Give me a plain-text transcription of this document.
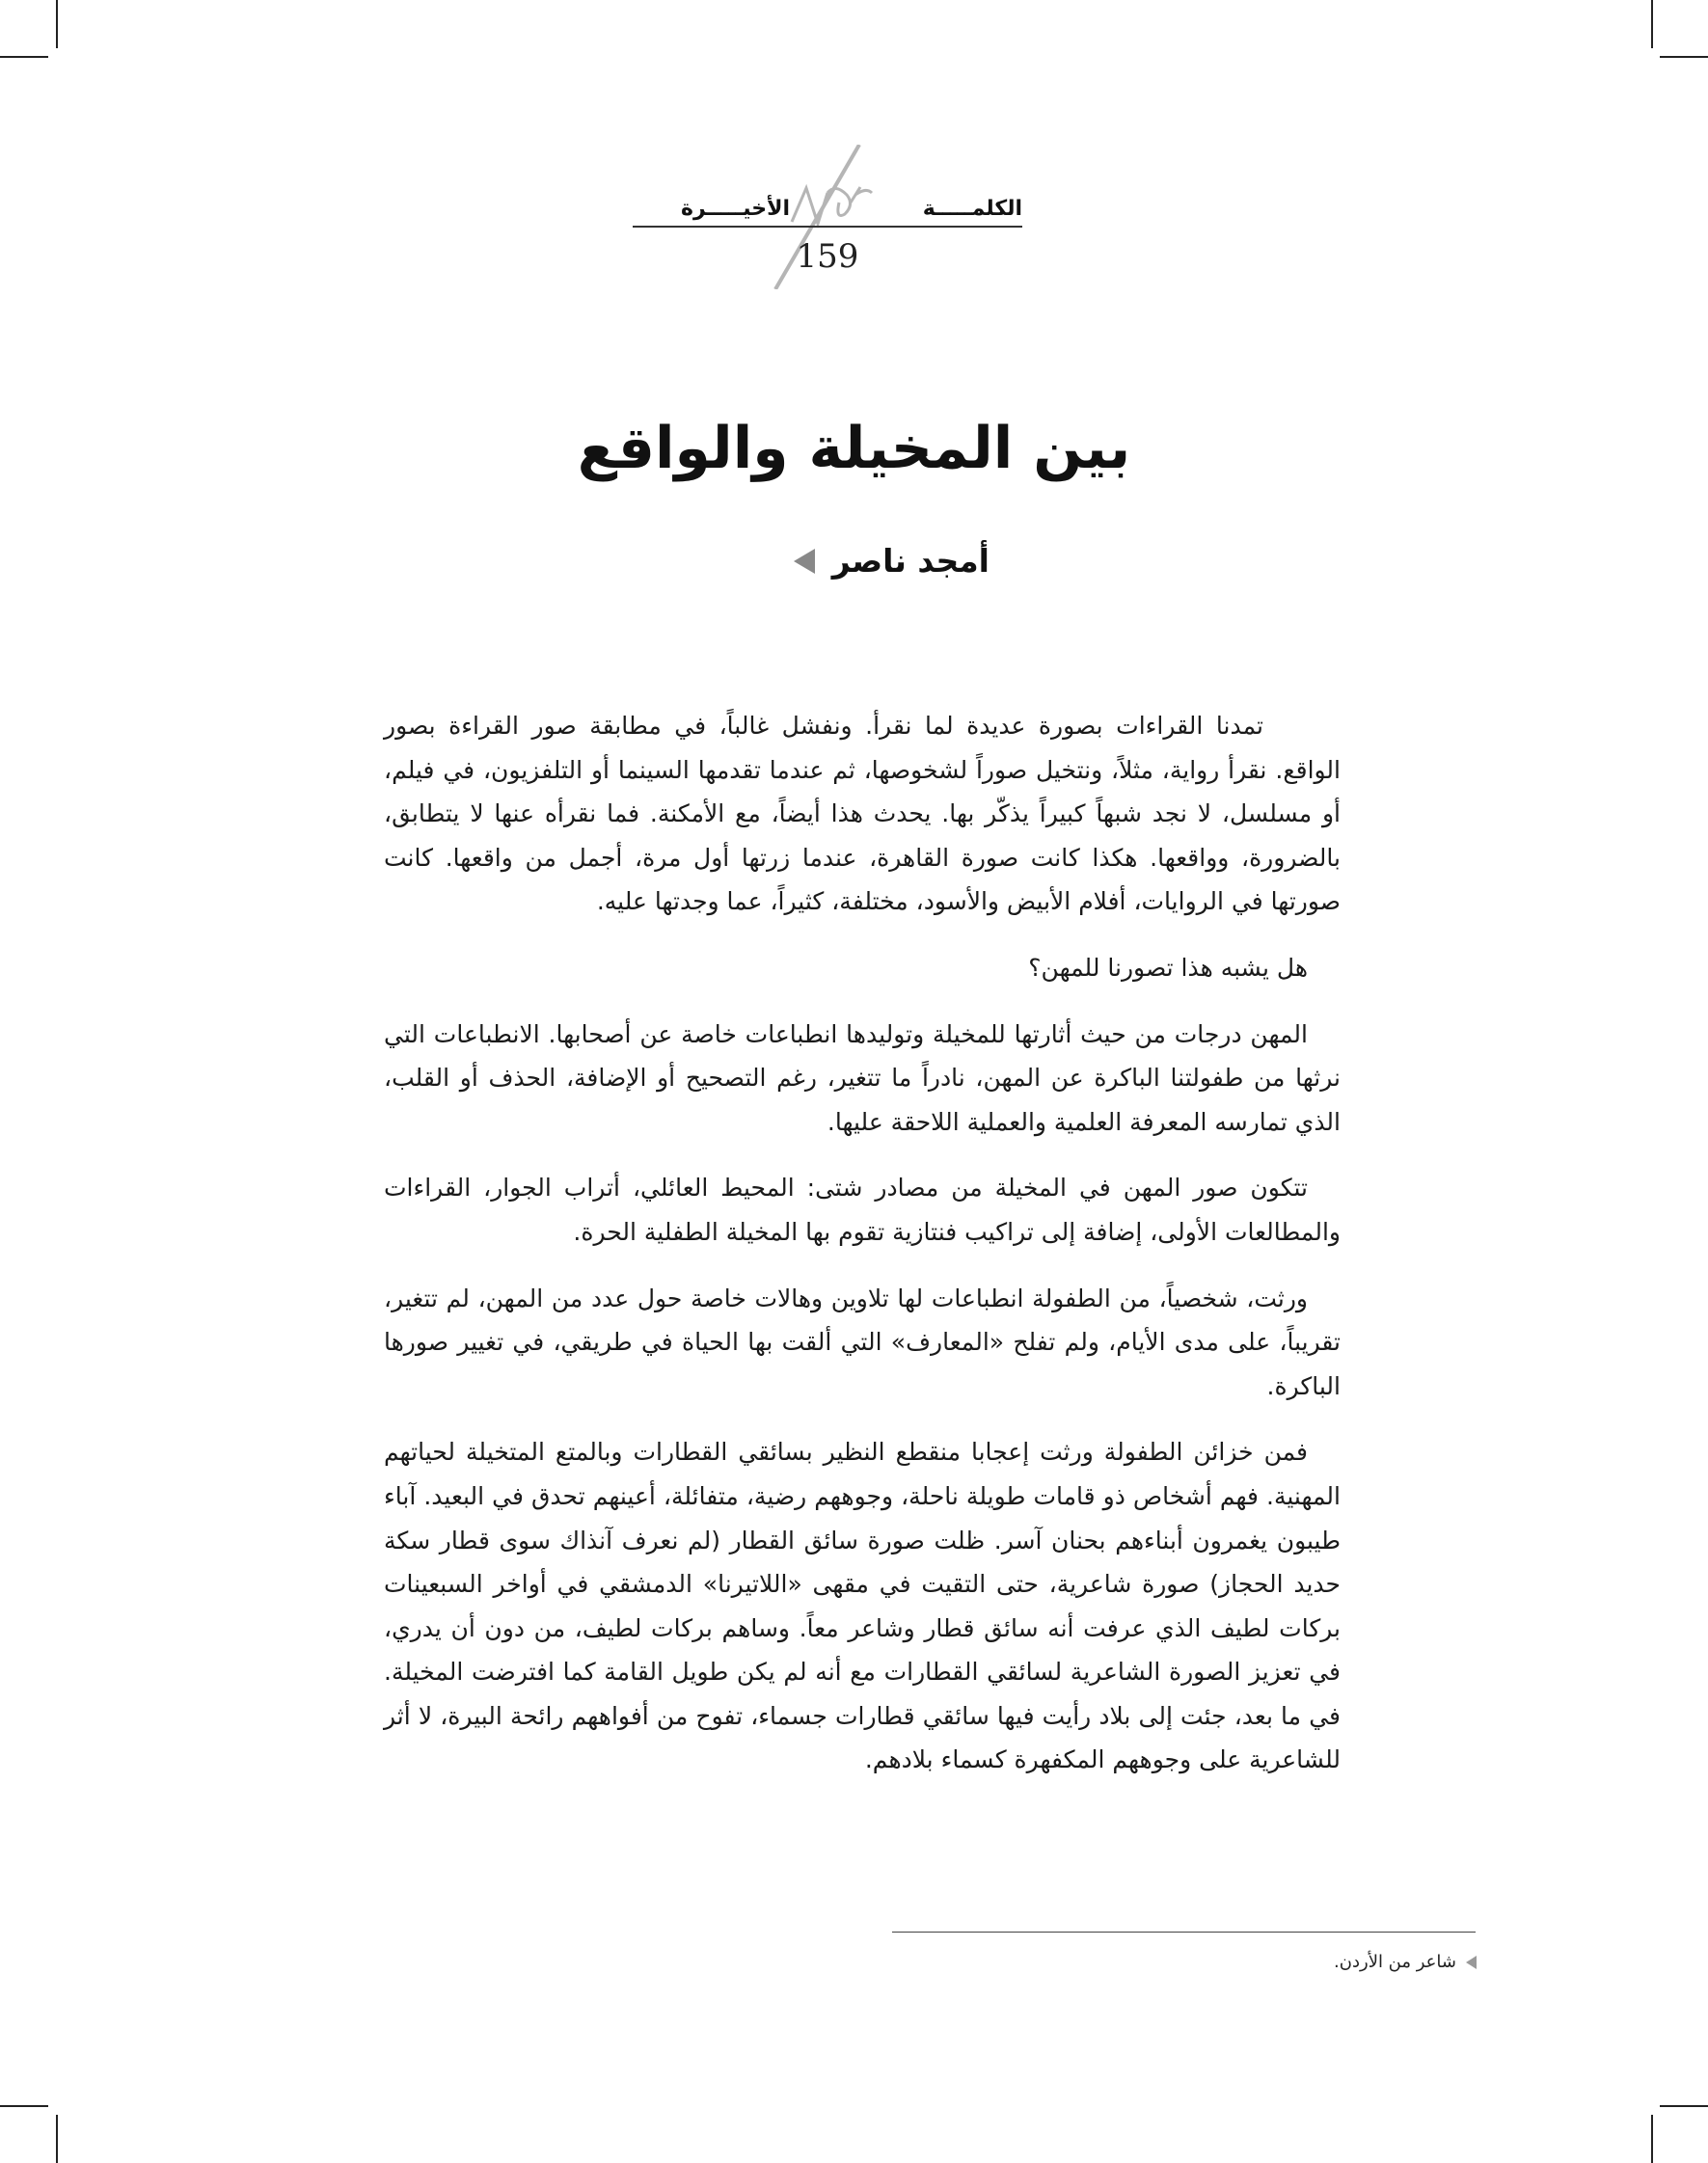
الكلمـــــة
الأخيـــــرة
159
بين المخيلة والواقع
أمجد ناصر

تمدنا القراءات بصورة عديدة لما نقرأ. ونفشل غالباً، في مطابقة صور القراءة بصور الواقع. نقرأ رواية، مثلاً، ونتخيل صوراً لشخوصها، ثم عندما تقدمها السينما أو التلفزيون، في فيلم، أو مسلسل، لا نجد شبهاً كبيراً يذكّر بها. يحدث هذا أيضاً، مع الأمكنة. فما نقرأه عنها لا يتطابق، بالضرورة، وواقعها. هكذا كانت صورة القاهرة، عندما زرتها أول مرة، أجمل من واقعها. كانت صورتها في الروايات، أفلام الأبيض والأسود، مختلفة، كثيراً، عما وجدتها عليه.

هل يشبه هذا تصورنا للمهن؟

المهن درجات من حيث أثارتها للمخيلة وتوليدها انطباعات خاصة عن أصحابها. الانطباعات التي نرثها من طفولتنا الباكرة عن المهن، نادراً ما تتغير، رغم التصحيح أو الإضافة، الحذف أو القلب، الذي تمارسه المعرفة العلمية والعملية اللاحقة عليها.

تتكون صور المهن في المخيلة من مصادر شتى: المحيط العائلي، أتراب الجوار، القراءات والمطالعات الأولى، إضافة إلى تراكيب فنتازية تقوم بها المخيلة الطفلية الحرة.

ورثت، شخصياً، من الطفولة انطباعات لها تلاوين وهالات خاصة حول عدد من المهن، لم تتغير، تقريباً، على مدى الأيام، ولم تفلح «المعارف» التي ألقت بها الحياة في طريقي، في تغيير صورها الباكرة.

فمن خزائن الطفولة ورثت إعجابا منقطع النظير بسائقي القطارات وبالمتع المتخيلة لحياتهم المهنية. فهم أشخاص ذو قامات طويلة ناحلة، وجوههم رضية، متفائلة، أعينهم تحدق في البعيد. آباء طيبون يغمرون أبناءهم بحنان آسر. ظلت صورة سائق القطار (لم نعرف آنذاك سوى قطار سكة حديد الحجاز) صورة شاعرية، حتى التقيت في مقهى «اللاتيرنا» الدمشقي في أواخر السبعينات بركات لطيف الذي عرفت أنه سائق قطار وشاعر معاً. وساهم بركات لطيف، من دون أن يدري، في تعزيز الصورة الشاعرية لسائقي القطارات مع أنه لم يكن طويل القامة كما افترضت المخيلة. في ما بعد، جئت إلى بلاد رأيت فيها سائقي قطارات جسماء، تفوح من أفواههم رائحة البيرة، لا أثر للشاعرية على وجوههم المكفهرة كسماء بلادهم.

شاعر من الأردن.
